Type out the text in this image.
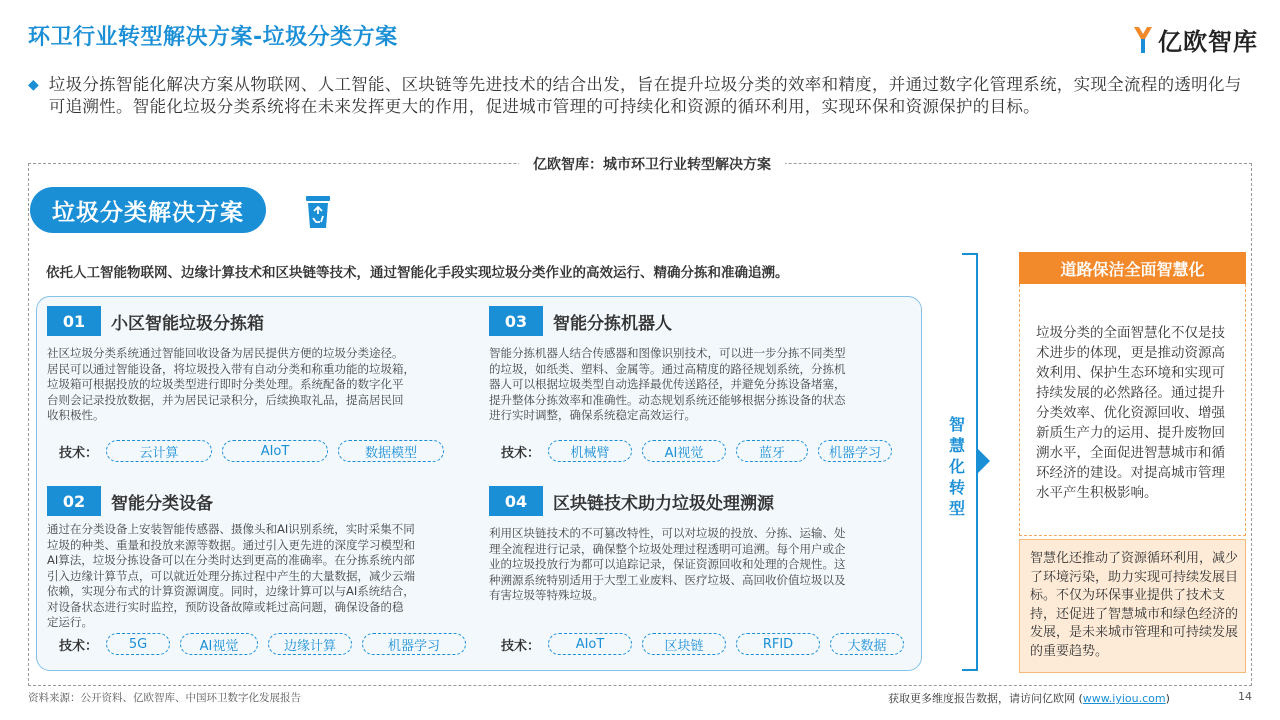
环卫行业转型解决方案-垃圾分类方案	亿欧智库
◆ 垃圾分拣智能化解决方案从物联网、人工智能、区块链等先进技术的结合出发，旨在提升垃圾分类的效率和精度，并通过数字化管理系统，实现全流程的透明化与可追溯性。智能化垃圾分类系统将在未来发挥更大的作用，促进城市管理的可持续化和资源的循环利用，实现环保和资源保护的目标。
亿欧智库：城市环卫行业转型解决方案
垃圾分类解决方案
依托人工智能物联网、边缘计算技术和区块链等技术，通过智能化手段实现垃圾分类作业的高效运行、精确分拣和准确追溯。
01	小区智能垃圾分拣箱
社区垃圾分类系统通过智能回收设备为居民提供方便的垃圾分类途径。
居民可以通过智能设备，将垃圾投入带有自动分类和称重功能的垃圾箱，
垃圾箱可根据投放的垃圾类型进行即时分类处理。系统配备的数字化平
台则会记录投放数据，并为居民记录积分，后续换取礼品，提高居民回
收积极性。
技术：	云计算	AIoT	数据模型
02	智能分类设备
通过在分类设备上安装智能传感器、摄像头和AI识别系统，实时采集不同
垃圾的种类、重量和投放来源等数据。通过引入更先进的深度学习模型和
AI算法，垃圾分拣设备可以在分类时达到更高的准确率。在分拣系统内部
引入边缘计算节点，可以就近处理分拣过程中产生的大量数据，减少云端
依赖，实现分布式的计算资源调度。同时，边缘计算可以与AI系统结合，
对设备状态进行实时监控，预防设备故障或耗过高问题，确保设备的稳
定运行。
技术：	5G	AI视觉	边缘计算	机器学习
03	智能分拣机器人
智能分拣机器人结合传感器和图像识别技术，可以进一步分拣不同类型
的垃圾，如纸类、塑料、金属等。通过高精度的路径规划系统，分拣机
器人可以根据垃圾类型自动选择最优传送路径，并避免分拣设备堵塞，
提升整体分拣效率和准确性。动态规划系统还能够根据分拣设备的状态
进行实时调整，确保系统稳定高效运行。
技术：	机械臂	AI视觉	蓝牙	机器学习
04	区块链技术助力垃圾处理溯源
利用区块链技术的不可篡改特性，可以对垃圾的投放、分拣、运输、处
理全流程进行记录，确保整个垃圾处理过程透明可追溯。每个用户或企
业的垃圾投放行为都可以追踪记录，保证资源回收和处理的合规性。这
种溯源系统特别适用于大型工业废料、医疗垃圾、高回收价值垃圾以及
有害垃圾等特殊垃圾。
技术：	AIoT	区块链	RFID	大数据
智慧化转型
道路保洁全面智慧化
垃圾分类的全面智慧化不仅是技术进步的体现，更是推动资源高效利用、保护生态环境和实现可持续发展的必然路径。通过提升分类效率、优化资源回收、增强新质生产力的运用、提升废物回溯水平，全面促进智慧城市和循环经济的建设。对提高城市管理水平产生积极影响。
智慧化还推动了资源循环利用，减少了环境污染，助力实现可持续发展目标。不仅为环保事业提供了技术支持，还促进了智慧城市和绿色经济的发展，是未来城市管理和可持续发展的重要趋势。
资料来源：公开资料、亿欧智库、中国环卫数字化发展报告	获取更多维度报告数据，请访问亿欧网 (www.iyiou.com)	14
